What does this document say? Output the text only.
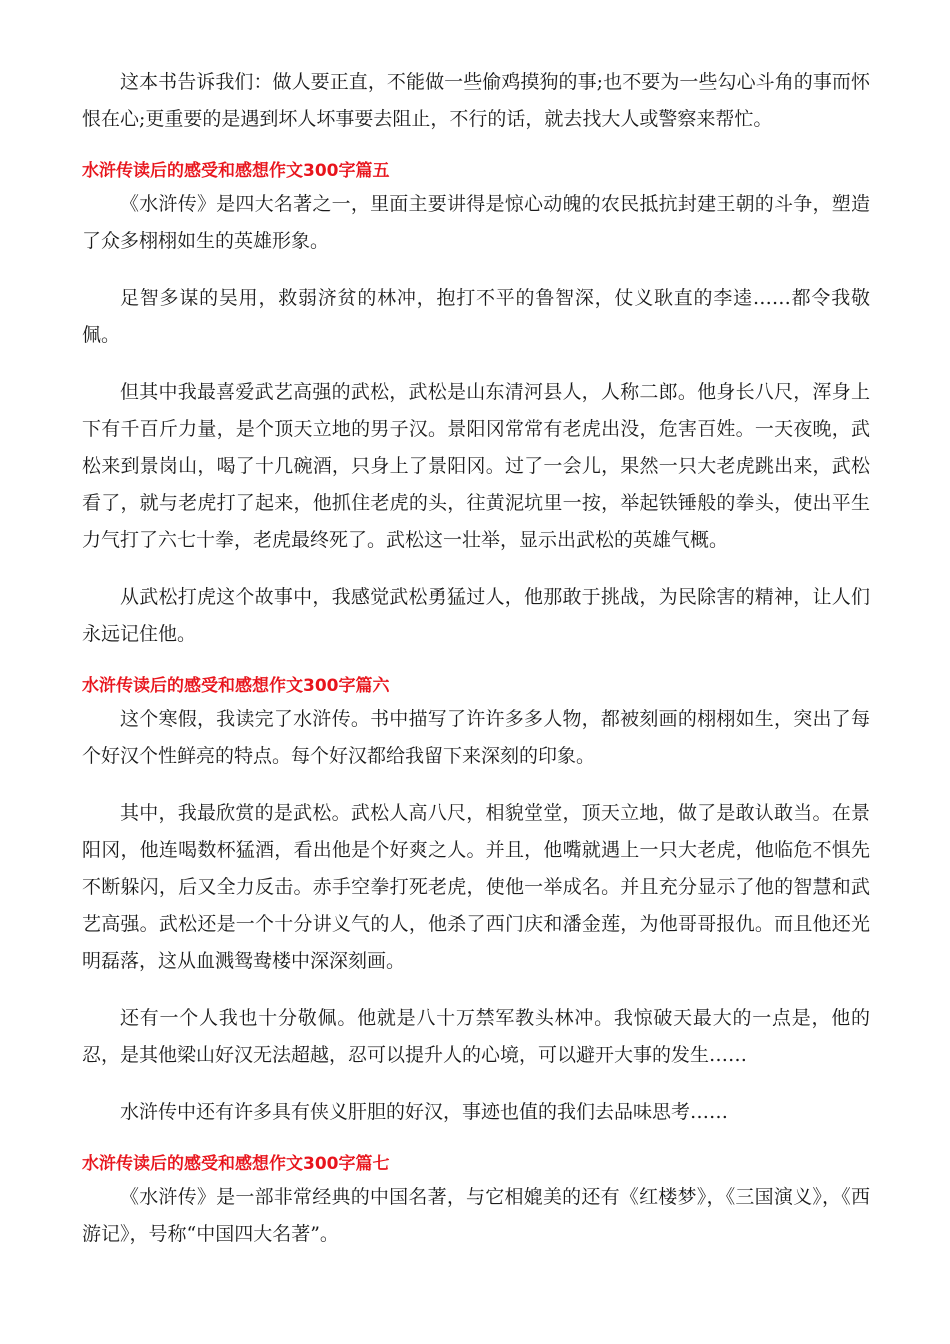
这本书告诉我们：做人要正直，不能做一些偷鸡摸狗的事;也不要为一些勾心斗角的事而怀恨在心;更重要的是遇到坏人坏事要去阻止，不行的话，就去找大人或警察来帮忙。

水浒传读后的感受和感想作文300字篇五

《水浒传》是四大名著之一，里面主要讲得是惊心动魄的农民抵抗封建王朝的斗争，塑造了众多栩栩如生的英雄形象。

足智多谋的吴用，救弱济贫的林冲，抱打不平的鲁智深，仗义耿直的李逵……都令我敬佩。

但其中我最喜爱武艺高强的武松，武松是山东清河县人，人称二郎。他身长八尺，浑身上下有千百斤力量，是个顶天立地的男子汉。景阳冈常常有老虎出没，危害百姓。一天夜晚，武松来到景岗山，喝了十几碗酒，只身上了景阳冈。过了一会儿，果然一只大老虎跳出来，武松看了，就与老虎打了起来，他抓住老虎的头，往黄泥坑里一按，举起铁锤般的拳头，使出平生力气打了六七十拳，老虎最终死了。武松这一壮举，显示出武松的英雄气概。

从武松打虎这个故事中，我感觉武松勇猛过人，他那敢于挑战，为民除害的精神，让人们永远记住他。

水浒传读后的感受和感想作文300字篇六

这个寒假，我读完了水浒传。书中描写了许许多多人物，都被刻画的栩栩如生，突出了每个好汉个性鲜亮的特点。每个好汉都给我留下来深刻的印象。

其中，我最欣赏的是武松。武松人高八尺，相貌堂堂，顶天立地，做了是敢认敢当。在景阳冈，他连喝数杯猛酒，看出他是个好爽之人。并且，他嘴就遇上一只大老虎，他临危不惧先不断躲闪，后又全力反击。赤手空拳打死老虎，使他一举成名。并且充分显示了他的智慧和武艺高强。武松还是一个十分讲义气的人，他杀了西门庆和潘金莲，为他哥哥报仇。而且他还光明磊落，这从血溅鸳鸯楼中深深刻画。

还有一个人我也十分敬佩。他就是八十万禁军教头林冲。我惊破天最大的一点是，他的忍，是其他梁山好汉无法超越，忍可以提升人的心境，可以避开大事的发生……

水浒传中还有许多具有侠义肝胆的好汉，事迹也值的我们去品味思考……

水浒传读后的感受和感想作文300字篇七

《水浒传》是一部非常经典的中国名著，与它相媲美的还有《红楼梦》，《三国演义》，《西游记》，号称“中国四大名著”。
